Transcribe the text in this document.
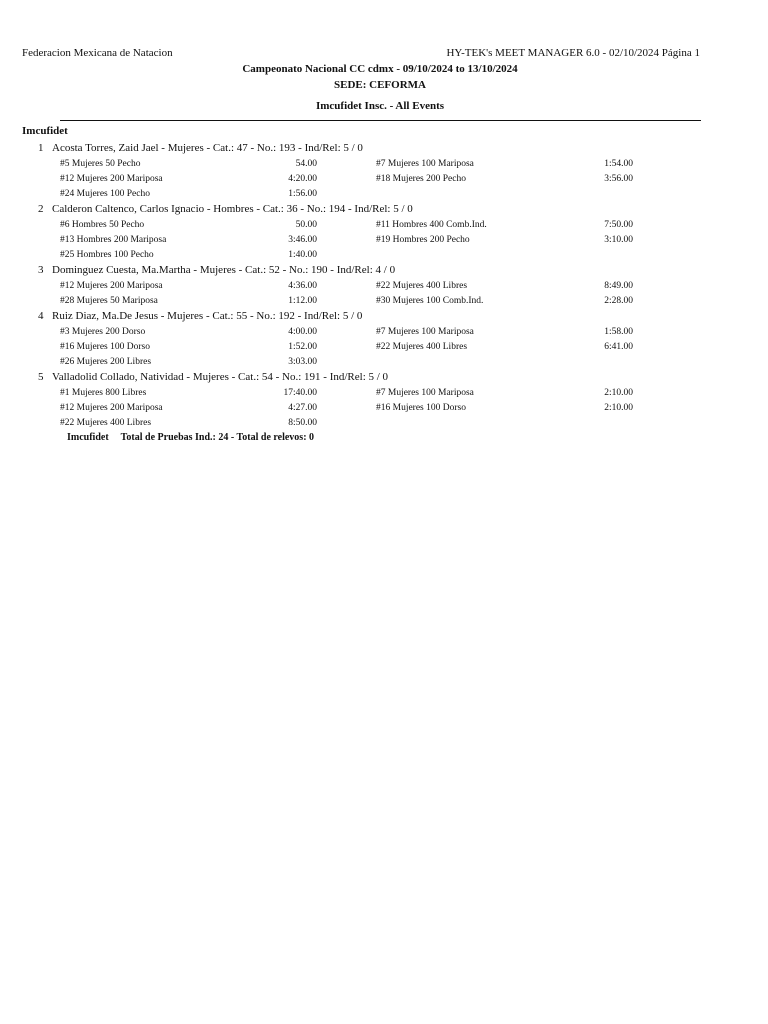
Federacion Mexicana de Natacion	HY-TEK's MEET MANAGER 6.0 - 02/10/2024 Página 1
Campeonato Nacional CC cdmx - 09/10/2024 to 13/10/2024
SEDE: CEFORMA
Imcufidet Insc. - All Events
Imcufidet
1 Acosta Torres, Zaid Jael - Mujeres - Cat.: 47 - No.: 193 - Ind/Rel: 5 / 0
#5 Mujeres 50 Pecho	54.00	#7 Mujeres 100 Mariposa	1:54.00
#12 Mujeres 200 Mariposa	4:20.00	#18 Mujeres 200 Pecho	3:56.00
#24 Mujeres 100 Pecho	1:56.00
2 Calderon Caltenco, Carlos Ignacio - Hombres - Cat.: 36 - No.: 194 - Ind/Rel: 5 / 0
#6 Hombres 50 Pecho	50.00	#11 Hombres 400 Comb.Ind.	7:50.00
#13 Hombres 200 Mariposa	3:46.00	#19 Hombres 200 Pecho	3:10.00
#25 Hombres 100 Pecho	1:40.00
3 Dominguez Cuesta, Ma.Martha - Mujeres - Cat.: 52 - No.: 190 - Ind/Rel: 4 / 0
#12 Mujeres 200 Mariposa	4:36.00	#22 Mujeres 400 Libres	8:49.00
#28 Mujeres 50 Mariposa	1:12.00	#30 Mujeres 100 Comb.Ind.	2:28.00
4 Ruiz Diaz, Ma.De Jesus - Mujeres - Cat.: 55 - No.: 192 - Ind/Rel: 5 / 0
#3 Mujeres 200 Dorso	4:00.00	#7 Mujeres 100 Mariposa	1:58.00
#16 Mujeres 100 Dorso	1:52.00	#22 Mujeres 400 Libres	6:41.00
#26 Mujeres 200 Libres	3:03.00
5 Valladolid Collado, Natividad - Mujeres - Cat.: 54 - No.: 191 - Ind/Rel: 5 / 0
#1 Mujeres 800 Libres	17:40.00	#7 Mujeres 100 Mariposa	2:10.00
#12 Mujeres 200 Mariposa	4:27.00	#16 Mujeres 100 Dorso	2:10.00
#22 Mujeres 400 Libres	8:50.00
Imcufidet Total de Pruebas Ind.: 24 - Total de relevos: 0
